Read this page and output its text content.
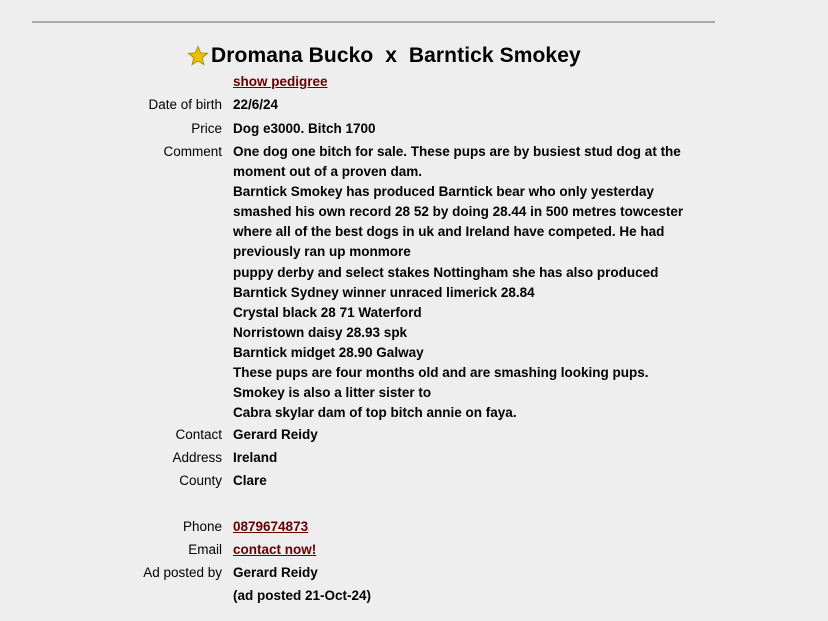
Dromana Bucko  x  Barntick Smokey
show pedigree
Date of birth 22/6/24
Price Dog e3000. Bitch 1700
Comment One dog one bitch for sale. These pups are by busiest stud dog at the
moment out of a proven dam.
Barntick Smokey has produced Barntick bear who only yesterday
smashed his own record 28 52 by doing 28.44 in 500 metres towcester
where all of the best dogs in uk and Ireland have competed. He had
previously ran up monmore
puppy derby and select stakes Nottingham she has also produced
Barntick Sydney winner unraced limerick 28.84
Crystal black 28 71 Waterford
Norristown daisy 28.93 spk
Barntick midget 28.90 Galway
These pups are four months old and are smashing looking pups.
Smokey is also a litter sister to
Cabra skylar dam of top bitch annie on faya.
Contact Gerard Reidy
Address Ireland
County Clare
Phone 0879674873
Email contact now!
Ad posted by Gerard Reidy
(ad posted 21-Oct-24)
